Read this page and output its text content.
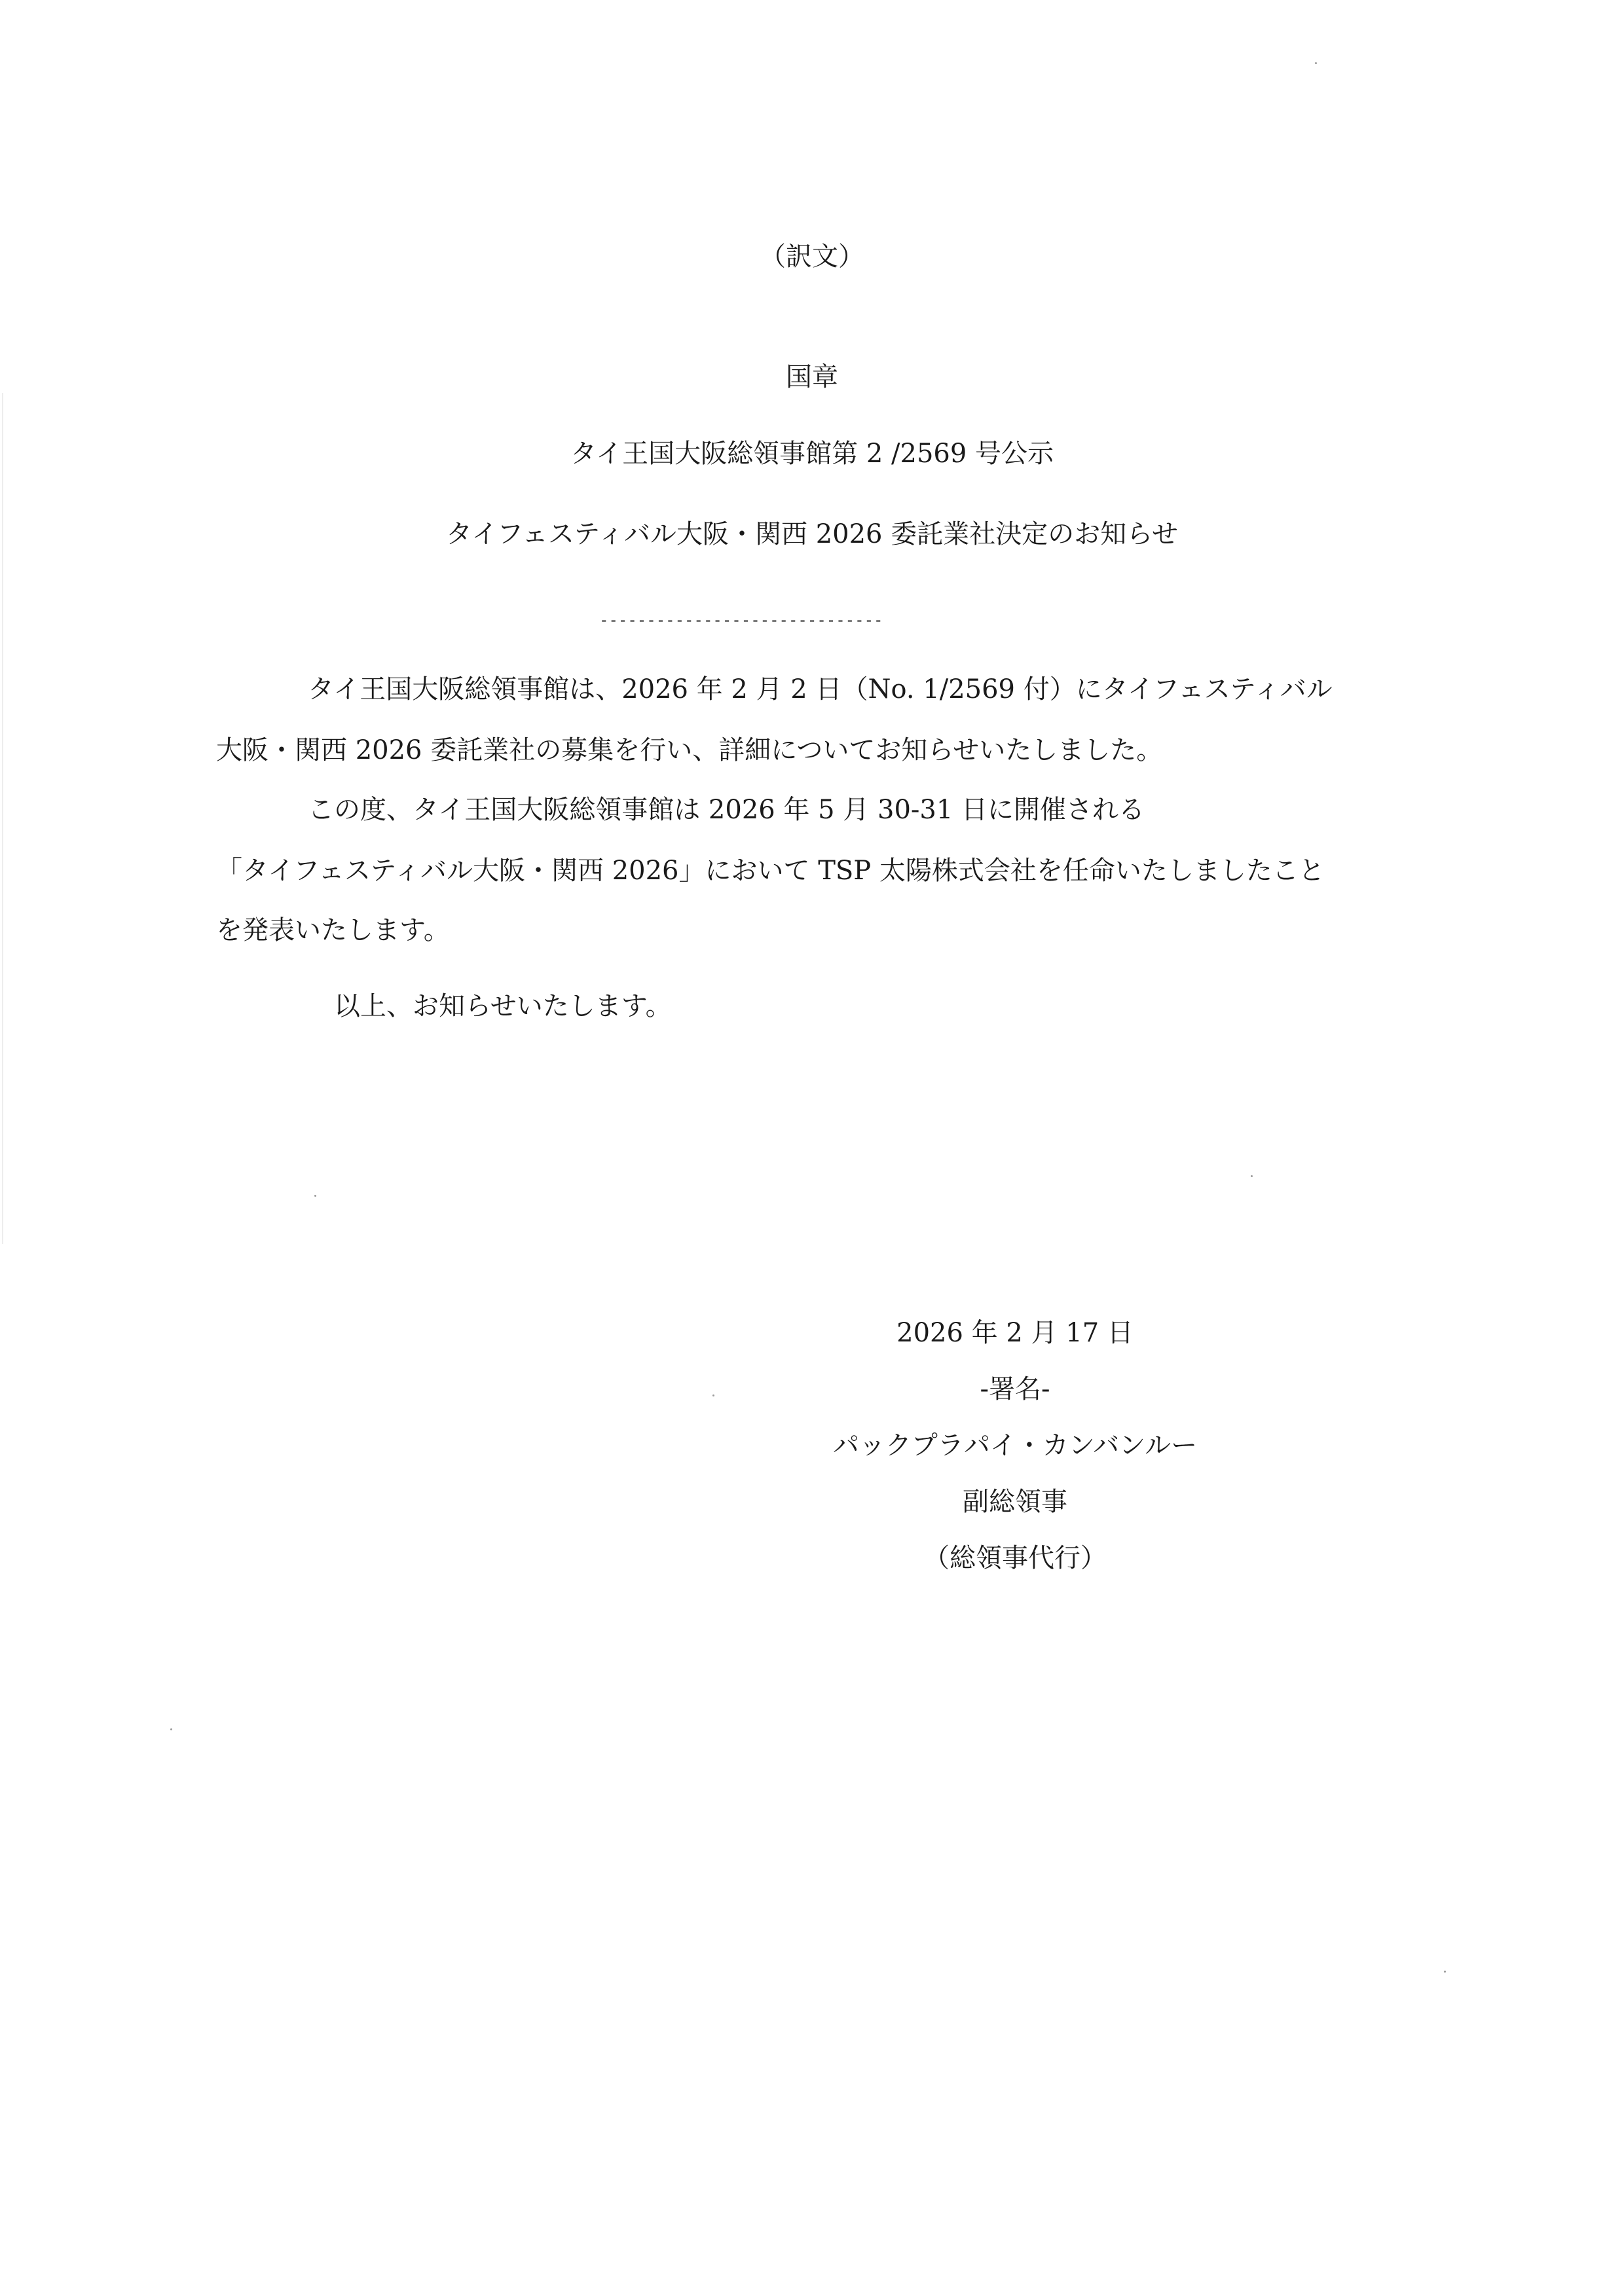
（訳文）
国章
タイ王国大阪総領事館第 2 /2569 号公示
タイフェスティバル大阪・関西 2026 委託業社決定のお知らせ
------------------------------
タイ王国大阪総領事館は、2026 年 2 月 2 日（No. 1/2569 付）にタイフェスティバル
大阪・関西 2026 委託業社の募集を行い、詳細についてお知らせいたしました。
この度、タイ王国大阪総領事館は 2026 年 5 月 30-31 日に開催される
「タイフェスティバル大阪・関西 2026」において TSP 太陽株式会社を任命いたしましたこと
を発表いたします。
以上、お知らせいたします。
2026 年 2 月 17 日
-署名-
パックプラパイ・カンバンルー
副総領事
（総領事代行）
